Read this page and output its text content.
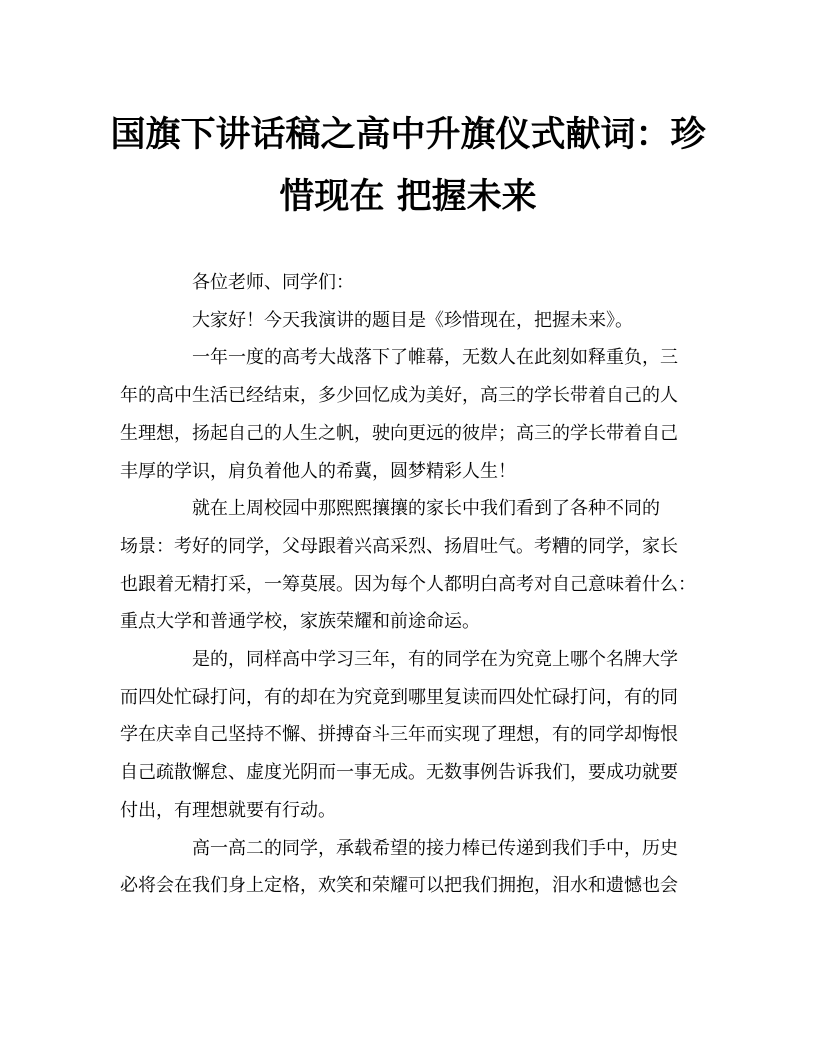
国旗下讲话稿之高中升旗仪式献词：珍
惜现在 把握未来

各位老师、同学们：

大家好！今天我演讲的题目是《珍惜现在，把握未来》。
一年一度的高考大战落下了帷幕，无数人在此刻如释重负，三
年的高中生活已经结束，多少回忆成为美好，高三的学长带着自己的人
生理想，扬起自己的人生之帆，驶向更远的彼岸；高三的学长带着自己
丰厚的学识，肩负着他人的希冀，圆梦精彩人生！
就在上周校园中那熙熙攘攘的家长中我们看到了各种不同的
场景：考好的同学，父母跟着兴高采烈、扬眉吐气。考糟的同学，家长
也跟着无精打采，一筹莫展。因为每个人都明白高考对自己意味着什么：
重点大学和普通学校，家族荣耀和前途命运。
是的，同样高中学习三年，有的同学在为究竟上哪个名牌大学
而四处忙碌打问，有的却在为究竟到哪里复读而四处忙碌打问，有的同
学在庆幸自己坚持不懈、拼搏奋斗三年而实现了理想，有的同学却悔恨
自己疏散懈怠、虚度光阴而一事无成。无数事例告诉我们，要成功就要
付出，有理想就要有行动。
高一高二的同学，承载希望的接力棒已传递到我们手中，历史
必将会在我们身上定格，欢笑和荣耀可以把我们拥抱，泪水和遗憾也会
